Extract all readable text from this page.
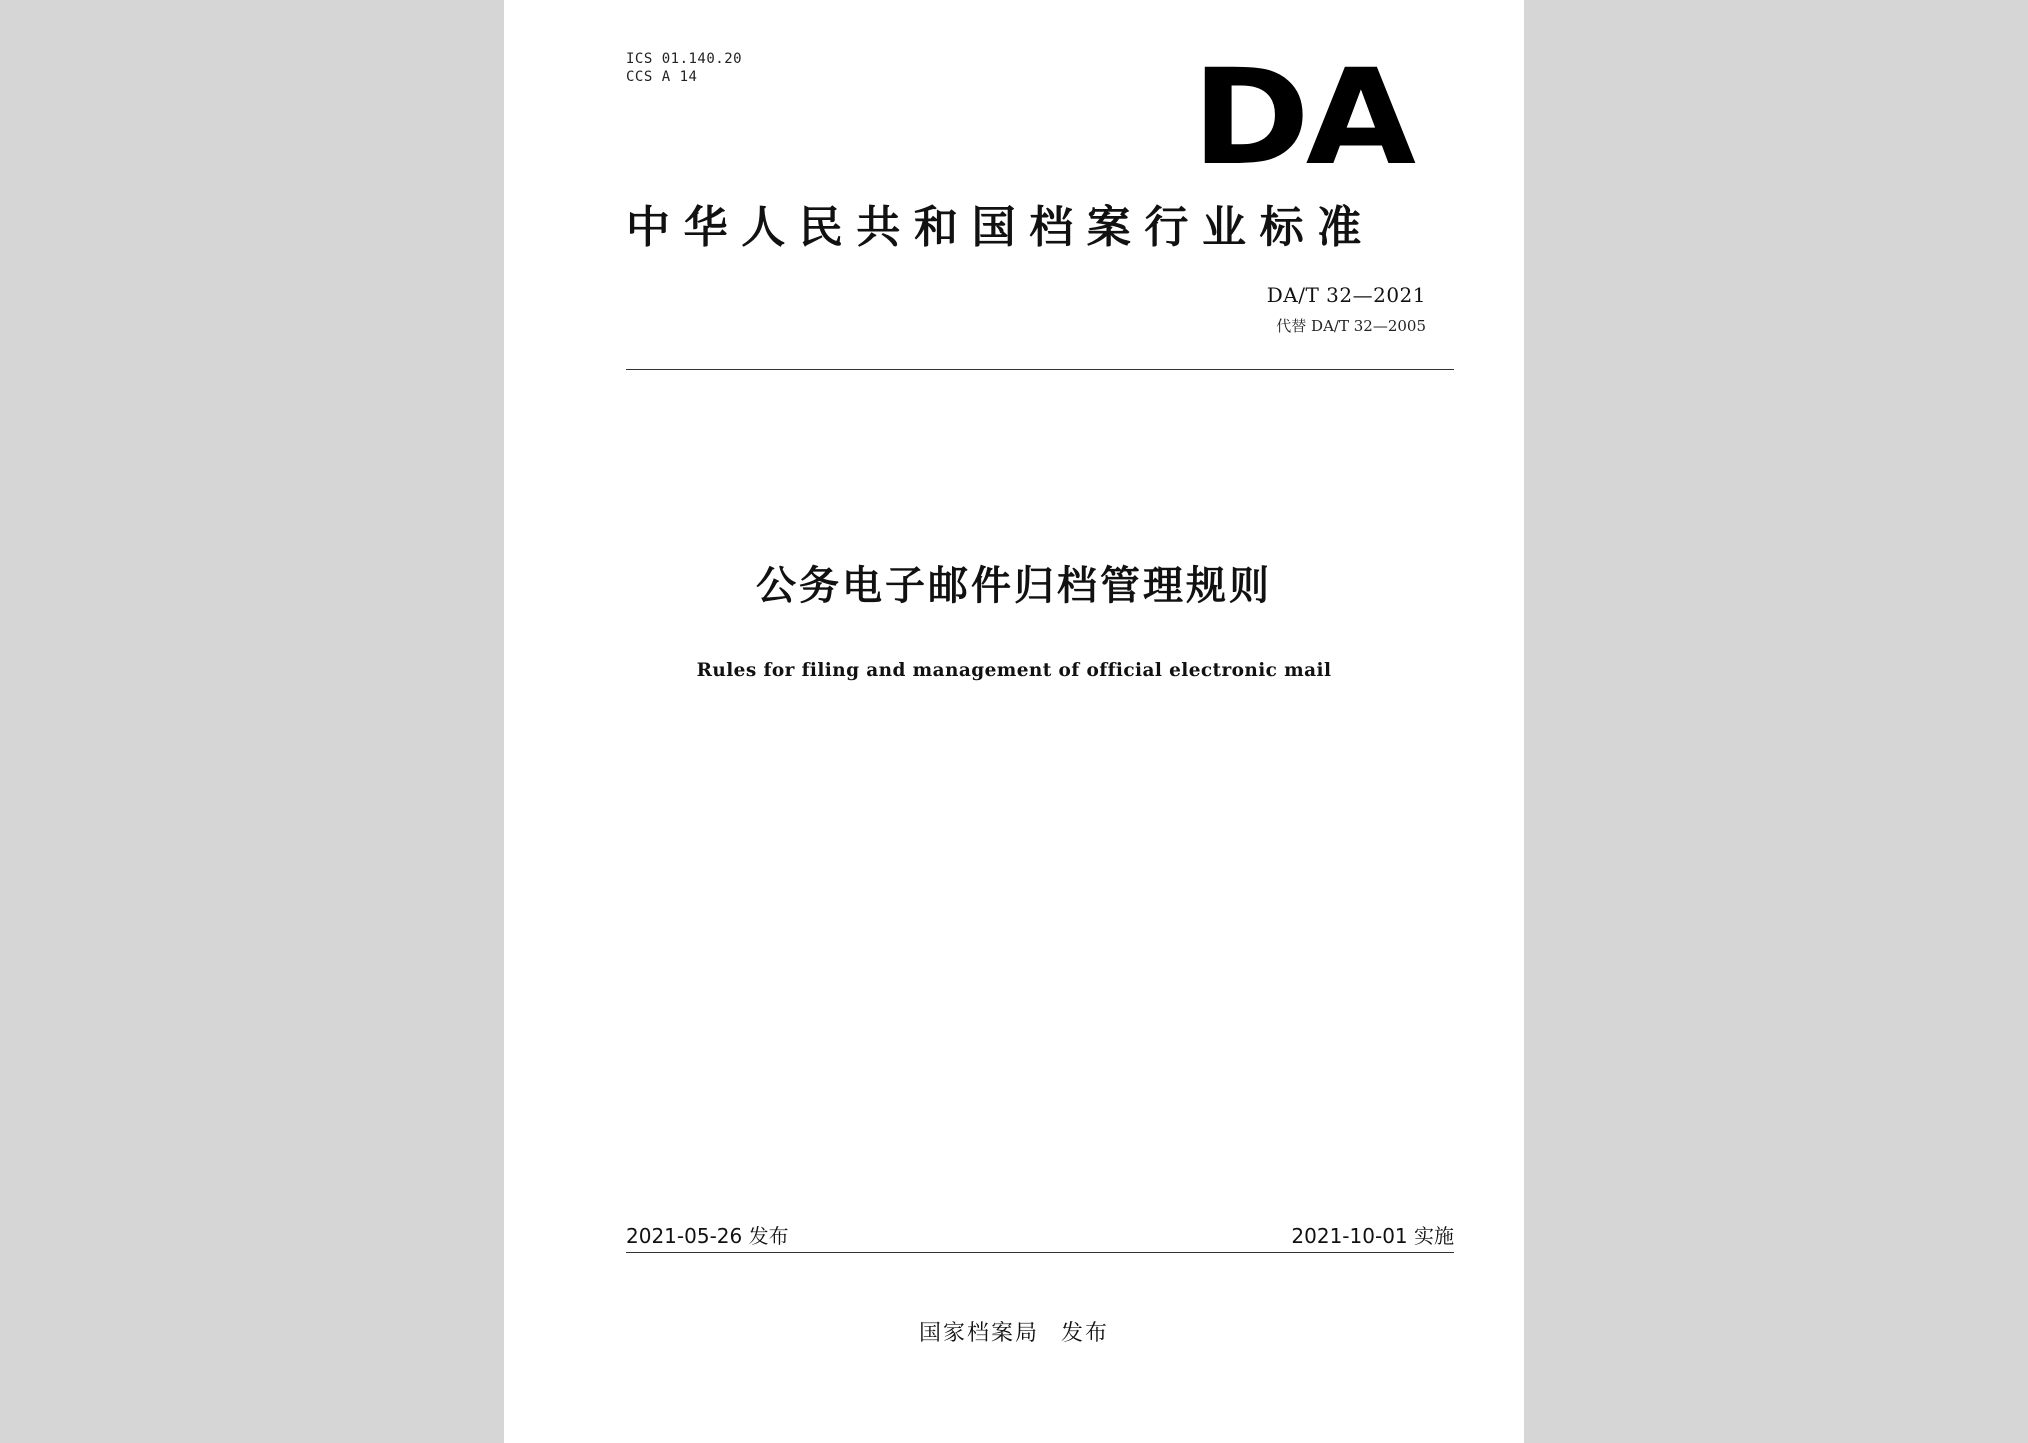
ICS 01.140.20
CCS A 14	DA
中华人民共和国档案行业标准
DA/T 32—2021
代替 DA/T 32—2005
公务电子邮件归档管理规则
Rules for filing and management of official electronic mail
2021-05-26 发布	2021-10-01 实施
国家档案局 发布
